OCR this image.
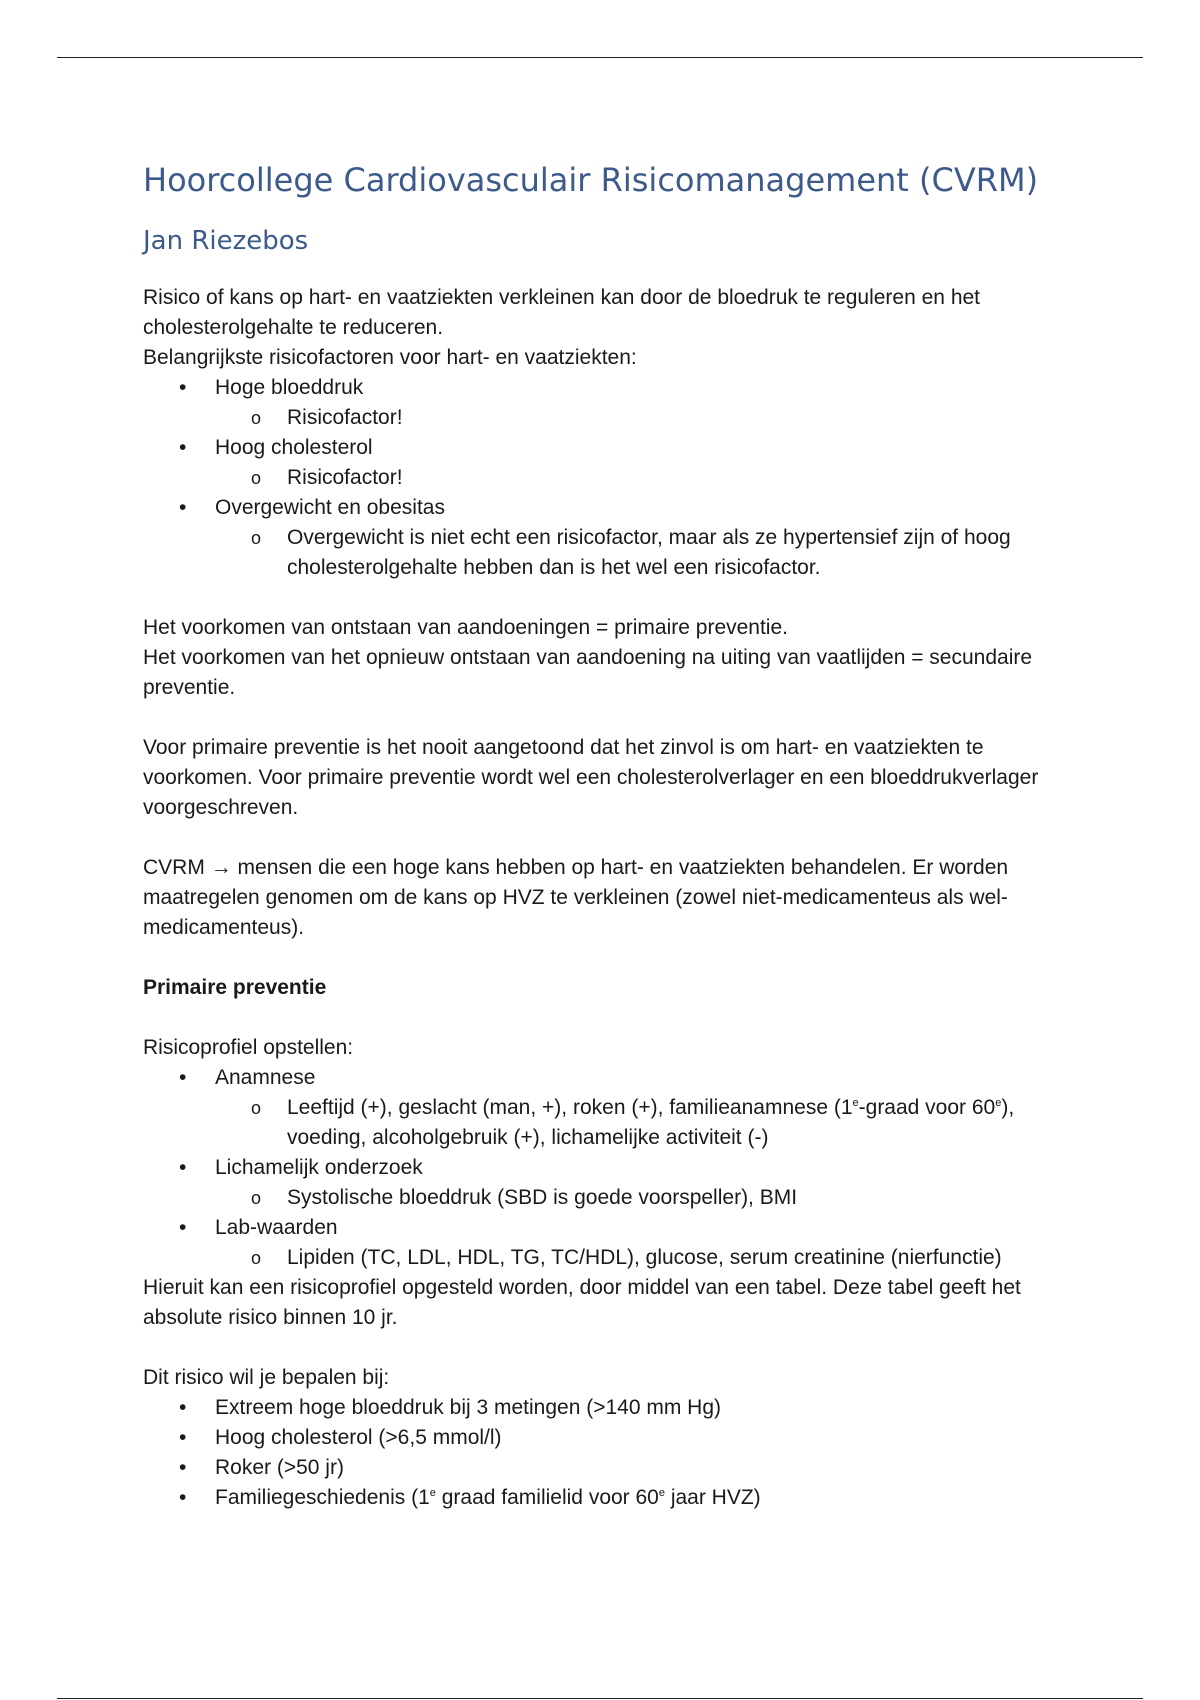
Hoorcollege Cardiovasculair Risicomanagement (CVRM)
Jan Riezebos

Risico of kans op hart- en vaatziekten verkleinen kan door de bloedruk te reguleren en het cholesterolgehalte te reduceren.

Belangrijkste risicofactoren voor hart- en vaatziekten:

• Hoge bloeddruk
o Risicofactor!
• Hoog cholesterol
o Risicofactor!
• Overgewicht en obesitas
o Overgewicht is niet echt een risicofactor, maar als ze hypertensief zijn of hoog cholesterolgehalte hebben dan is het wel een risicofactor.

Het voorkomen van ontstaan van aandoeningen = primaire preventie.

Het voorkomen van het opnieuw ontstaan van aandoening na uiting van vaatlijden = secundaire preventie.

Voor primaire preventie is het nooit aangetoond dat het zinvol is om hart- en vaatziekten te voorkomen. Voor primaire preventie wordt wel een cholesterolverlager en een bloeddrukverlager voorgeschreven.

CVRM → mensen die een hoge kans hebben op hart- en vaatziekten behandelen. Er worden maatregelen genomen om de kans op HVZ te verkleinen (zowel niet-medicamenteus als wel-medicamenteus).

Primaire preventie

Risicoprofiel opstellen:

• Anamnese
o Leeftijd (+), geslacht (man, +), roken (+), familieanamnese (1e-graad voor 60e), voeding, alcoholgebruik (+), lichamelijke activiteit (-)
• Lichamelijk onderzoek
o Systolische bloeddruk (SBD is goede voorspeller), BMI
• Lab-waarden
o Lipiden (TC, LDL, HDL, TG, TC/HDL), glucose, serum creatinine (nierfunctie)

Hieruit kan een risicoprofiel opgesteld worden, door middel van een tabel. Deze tabel geeft het absolute risico binnen 10 jr.

Dit risico wil je bepalen bij:

• Extreem hoge bloeddruk bij 3 metingen (>140 mm Hg)
• Hoog cholesterol (>6,5 mmol/l)
• Roker (>50 jr)
• Familiegeschiedenis (1e graad familielid voor 60e jaar HVZ)
